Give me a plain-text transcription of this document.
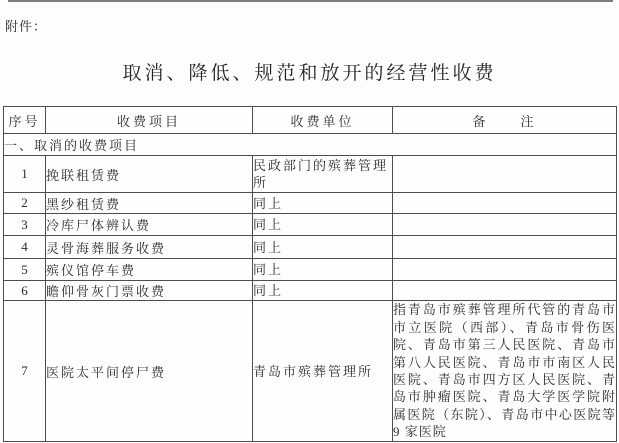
附件：
取消、降低、规范和放开的经营性收费
序号	收费项目	收费单位	备　　注
一、取消的收费项目			
1	挽联租赁费	民政部门的殡葬管理所	
2	黑纱租赁费	同上	
3	冷库尸体辨认费	同上	
4	灵骨海葬服务收费	同上	
5	殡仪馆停车费	同上	
6	瞻仰骨灰门票收费	同上	
7	医院太平间停尸费	青岛市殡葬管理所	指青岛市殡葬管理所代管的青岛市市立医院（西部）、青岛市骨伤医院、青岛市第三人民医院、青岛市第八人民医院、青岛市市南区人民医院、青岛市四方区人民医院、青岛市肿瘤医院、青岛大学医学院附属医院（东院）、青岛市中心医院等 9 家医院
